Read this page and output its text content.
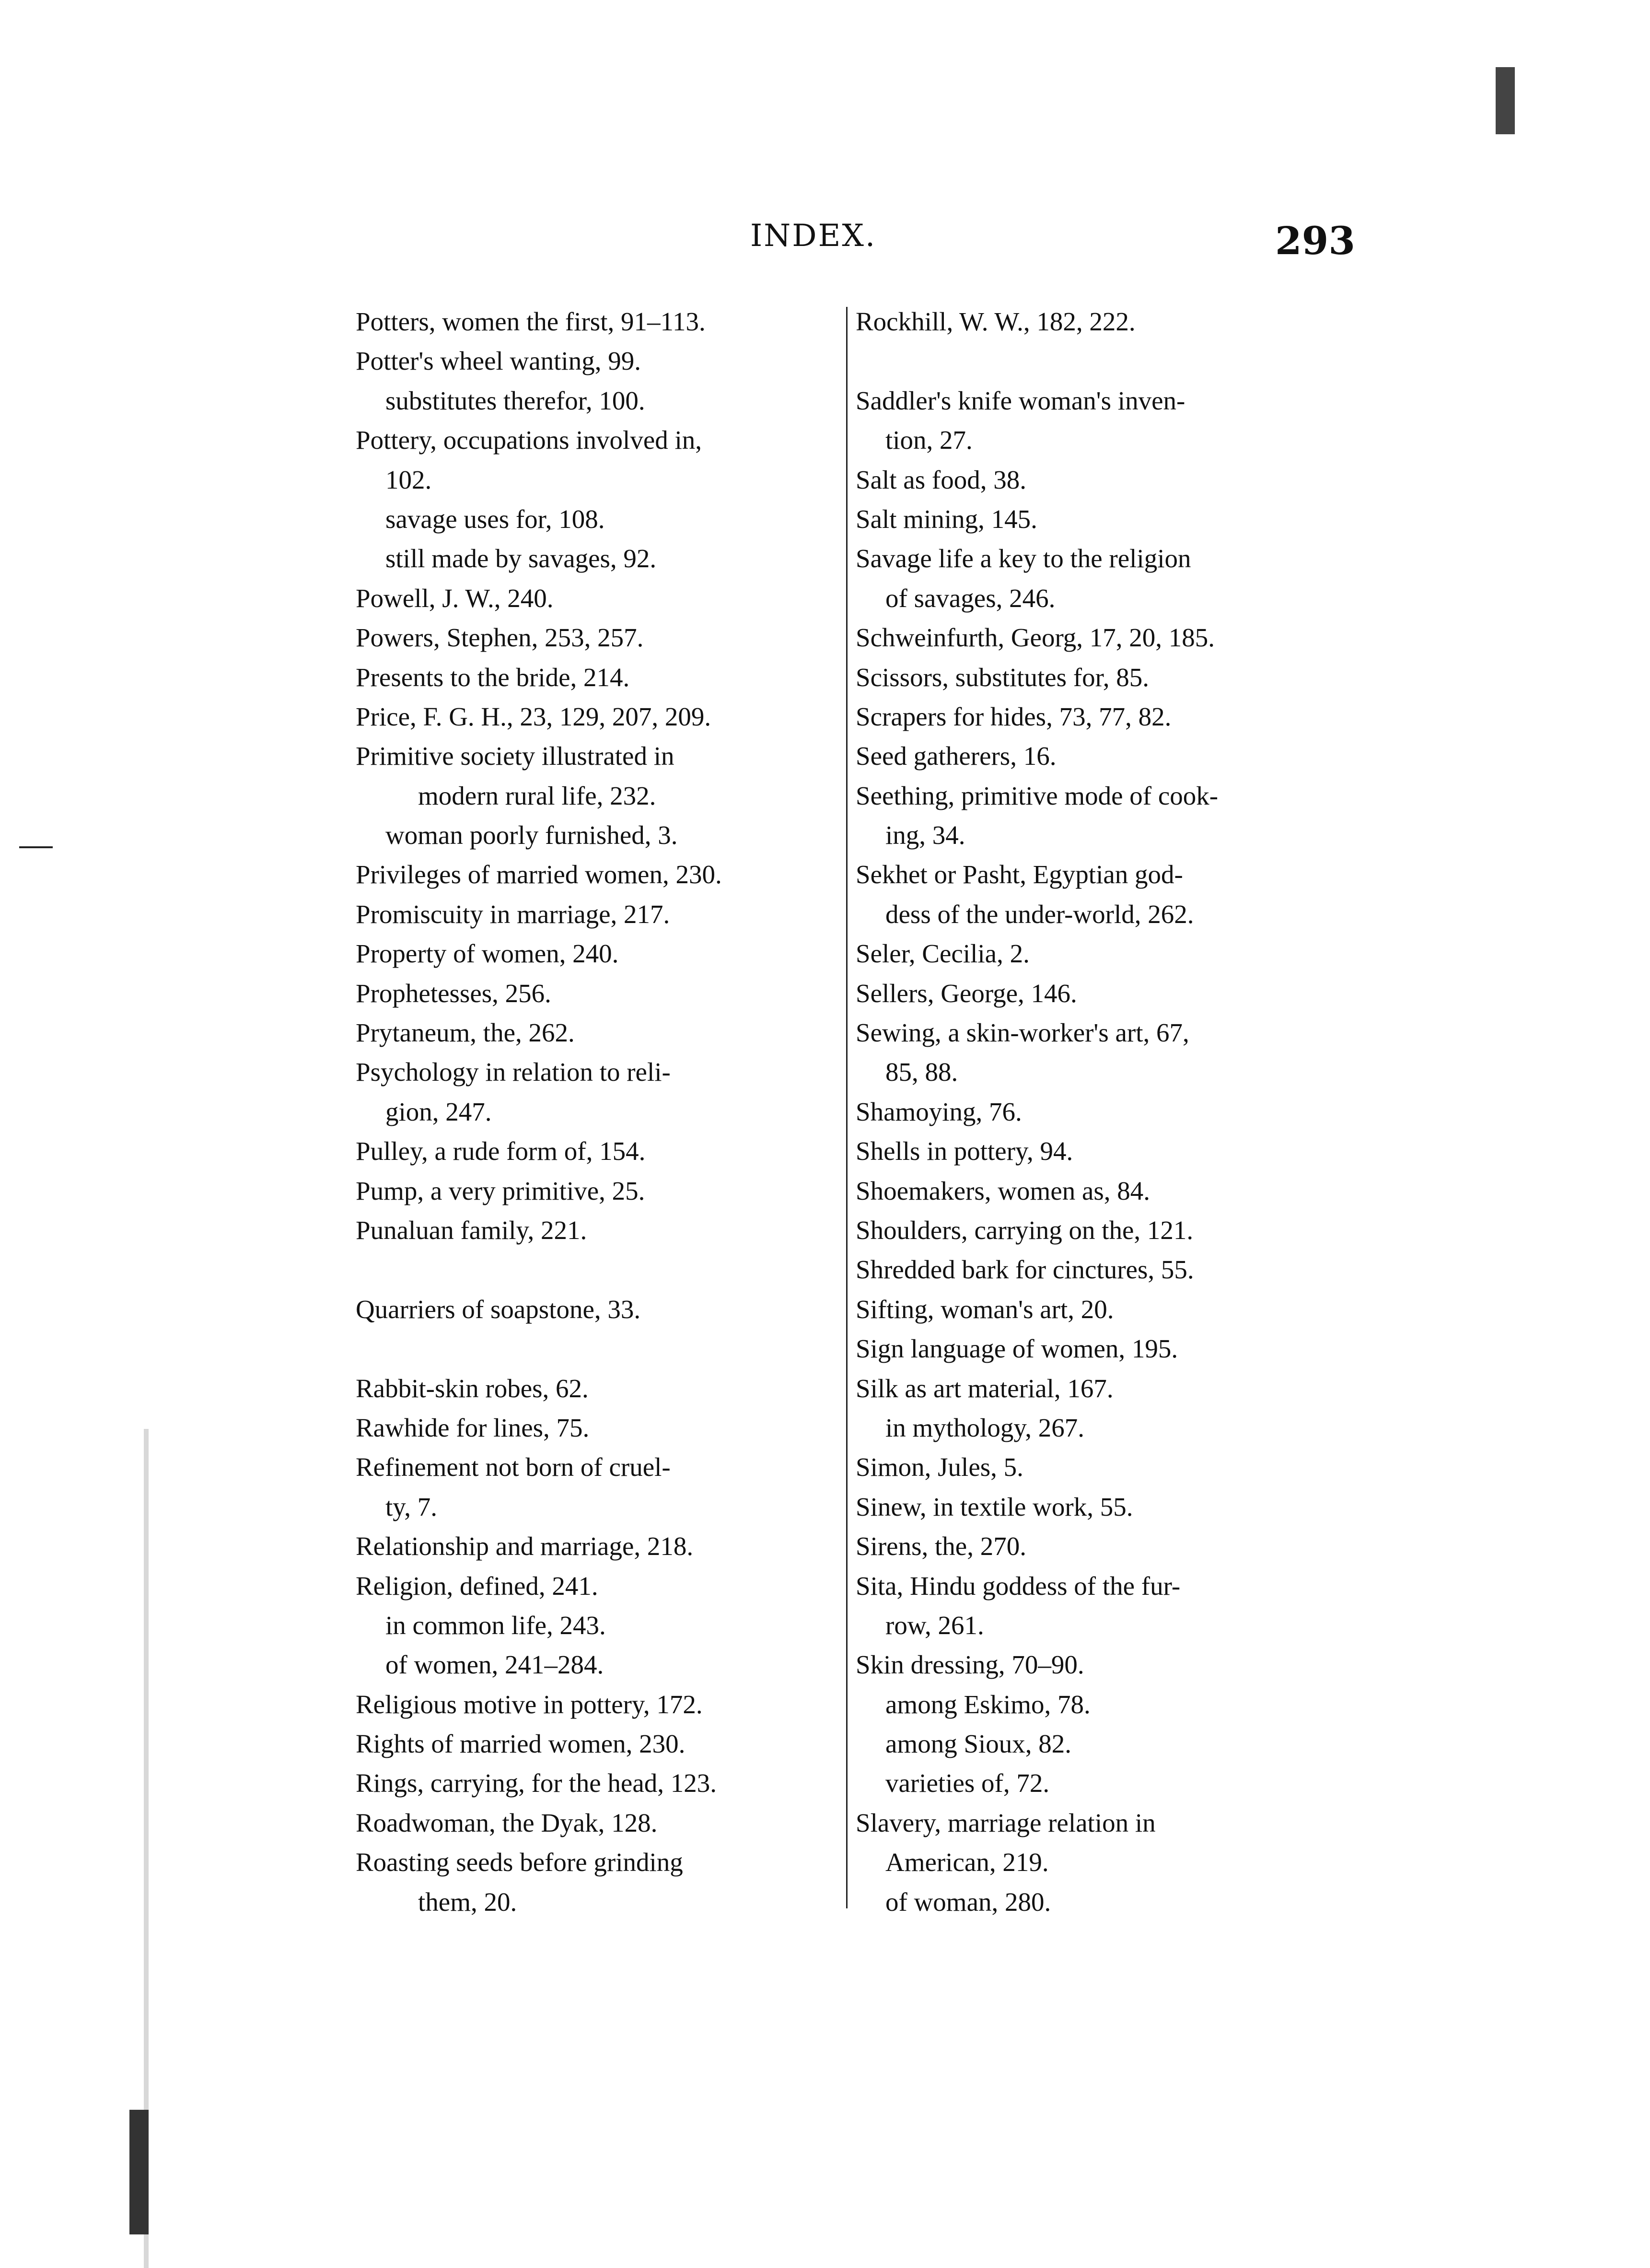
INDEX.	293
Potters, women the first, 91–113.
Potter's wheel wanting, 99.
substitutes therefor, 100.
Pottery, occupations involved in,
102.
savage uses for, 108.
still made by savages, 92.
Powell, J. W., 240.
Powers, Stephen, 253, 257.
Presents to the bride, 214.
Price, F. G. H., 23, 129, 207, 209.
Primitive society illustrated in
modern rural life, 232.
woman poorly furnished, 3.
Privileges of married women, 230.
Promiscuity in marriage, 217.
Property of women, 240.
Prophetesses, 256.
Prytaneum, the, 262.
Psychology in relation to reli-
gion, 247.
Pulley, a rude form of, 154.
Pump, a very primitive, 25.
Punaluan family, 221.
Quarriers of soapstone, 33.
Rabbit-skin robes, 62.
Rawhide for lines, 75.
Refinement not born of cruel-
ty, 7.
Relationship and marriage, 218.
Religion, defined, 241.
in common life, 243.
of women, 241–284.
Religious motive in pottery, 172.
Rights of married women, 230.
Rings, carrying, for the head, 123.
Roadwoman, the Dyak, 128.
Roasting seeds before grinding
them, 20.
Rockhill, W. W., 182, 222.
Saddler's knife woman's inven-
tion, 27.
Salt as food, 38.
Salt mining, 145.
Savage life a key to the religion
of savages, 246.
Schweinfurth, Georg, 17, 20, 185.
Scissors, substitutes for, 85.
Scrapers for hides, 73, 77, 82.
Seed gatherers, 16.
Seething, primitive mode of cook-
ing, 34.
Sekhet or Pasht, Egyptian god-
dess of the under-world, 262.
Seler, Cecilia, 2.
Sellers, George, 146.
Sewing, a skin-worker's art, 67,
85, 88.
Shamoying, 76.
Shells in pottery, 94.
Shoemakers, women as, 84.
Shoulders, carrying on the, 121.
Shredded bark for cinctures, 55.
Sifting, woman's art, 20.
Sign language of women, 195.
Silk as art material, 167.
in mythology, 267.
Simon, Jules, 5.
Sinew, in textile work, 55.
Sirens, the, 270.
Sita, Hindu goddess of the fur-
row, 261.
Skin dressing, 70–90.
among Eskimo, 78.
among Sioux, 82.
varieties of, 72.
Slavery, marriage relation in
American, 219.
of woman, 280.
